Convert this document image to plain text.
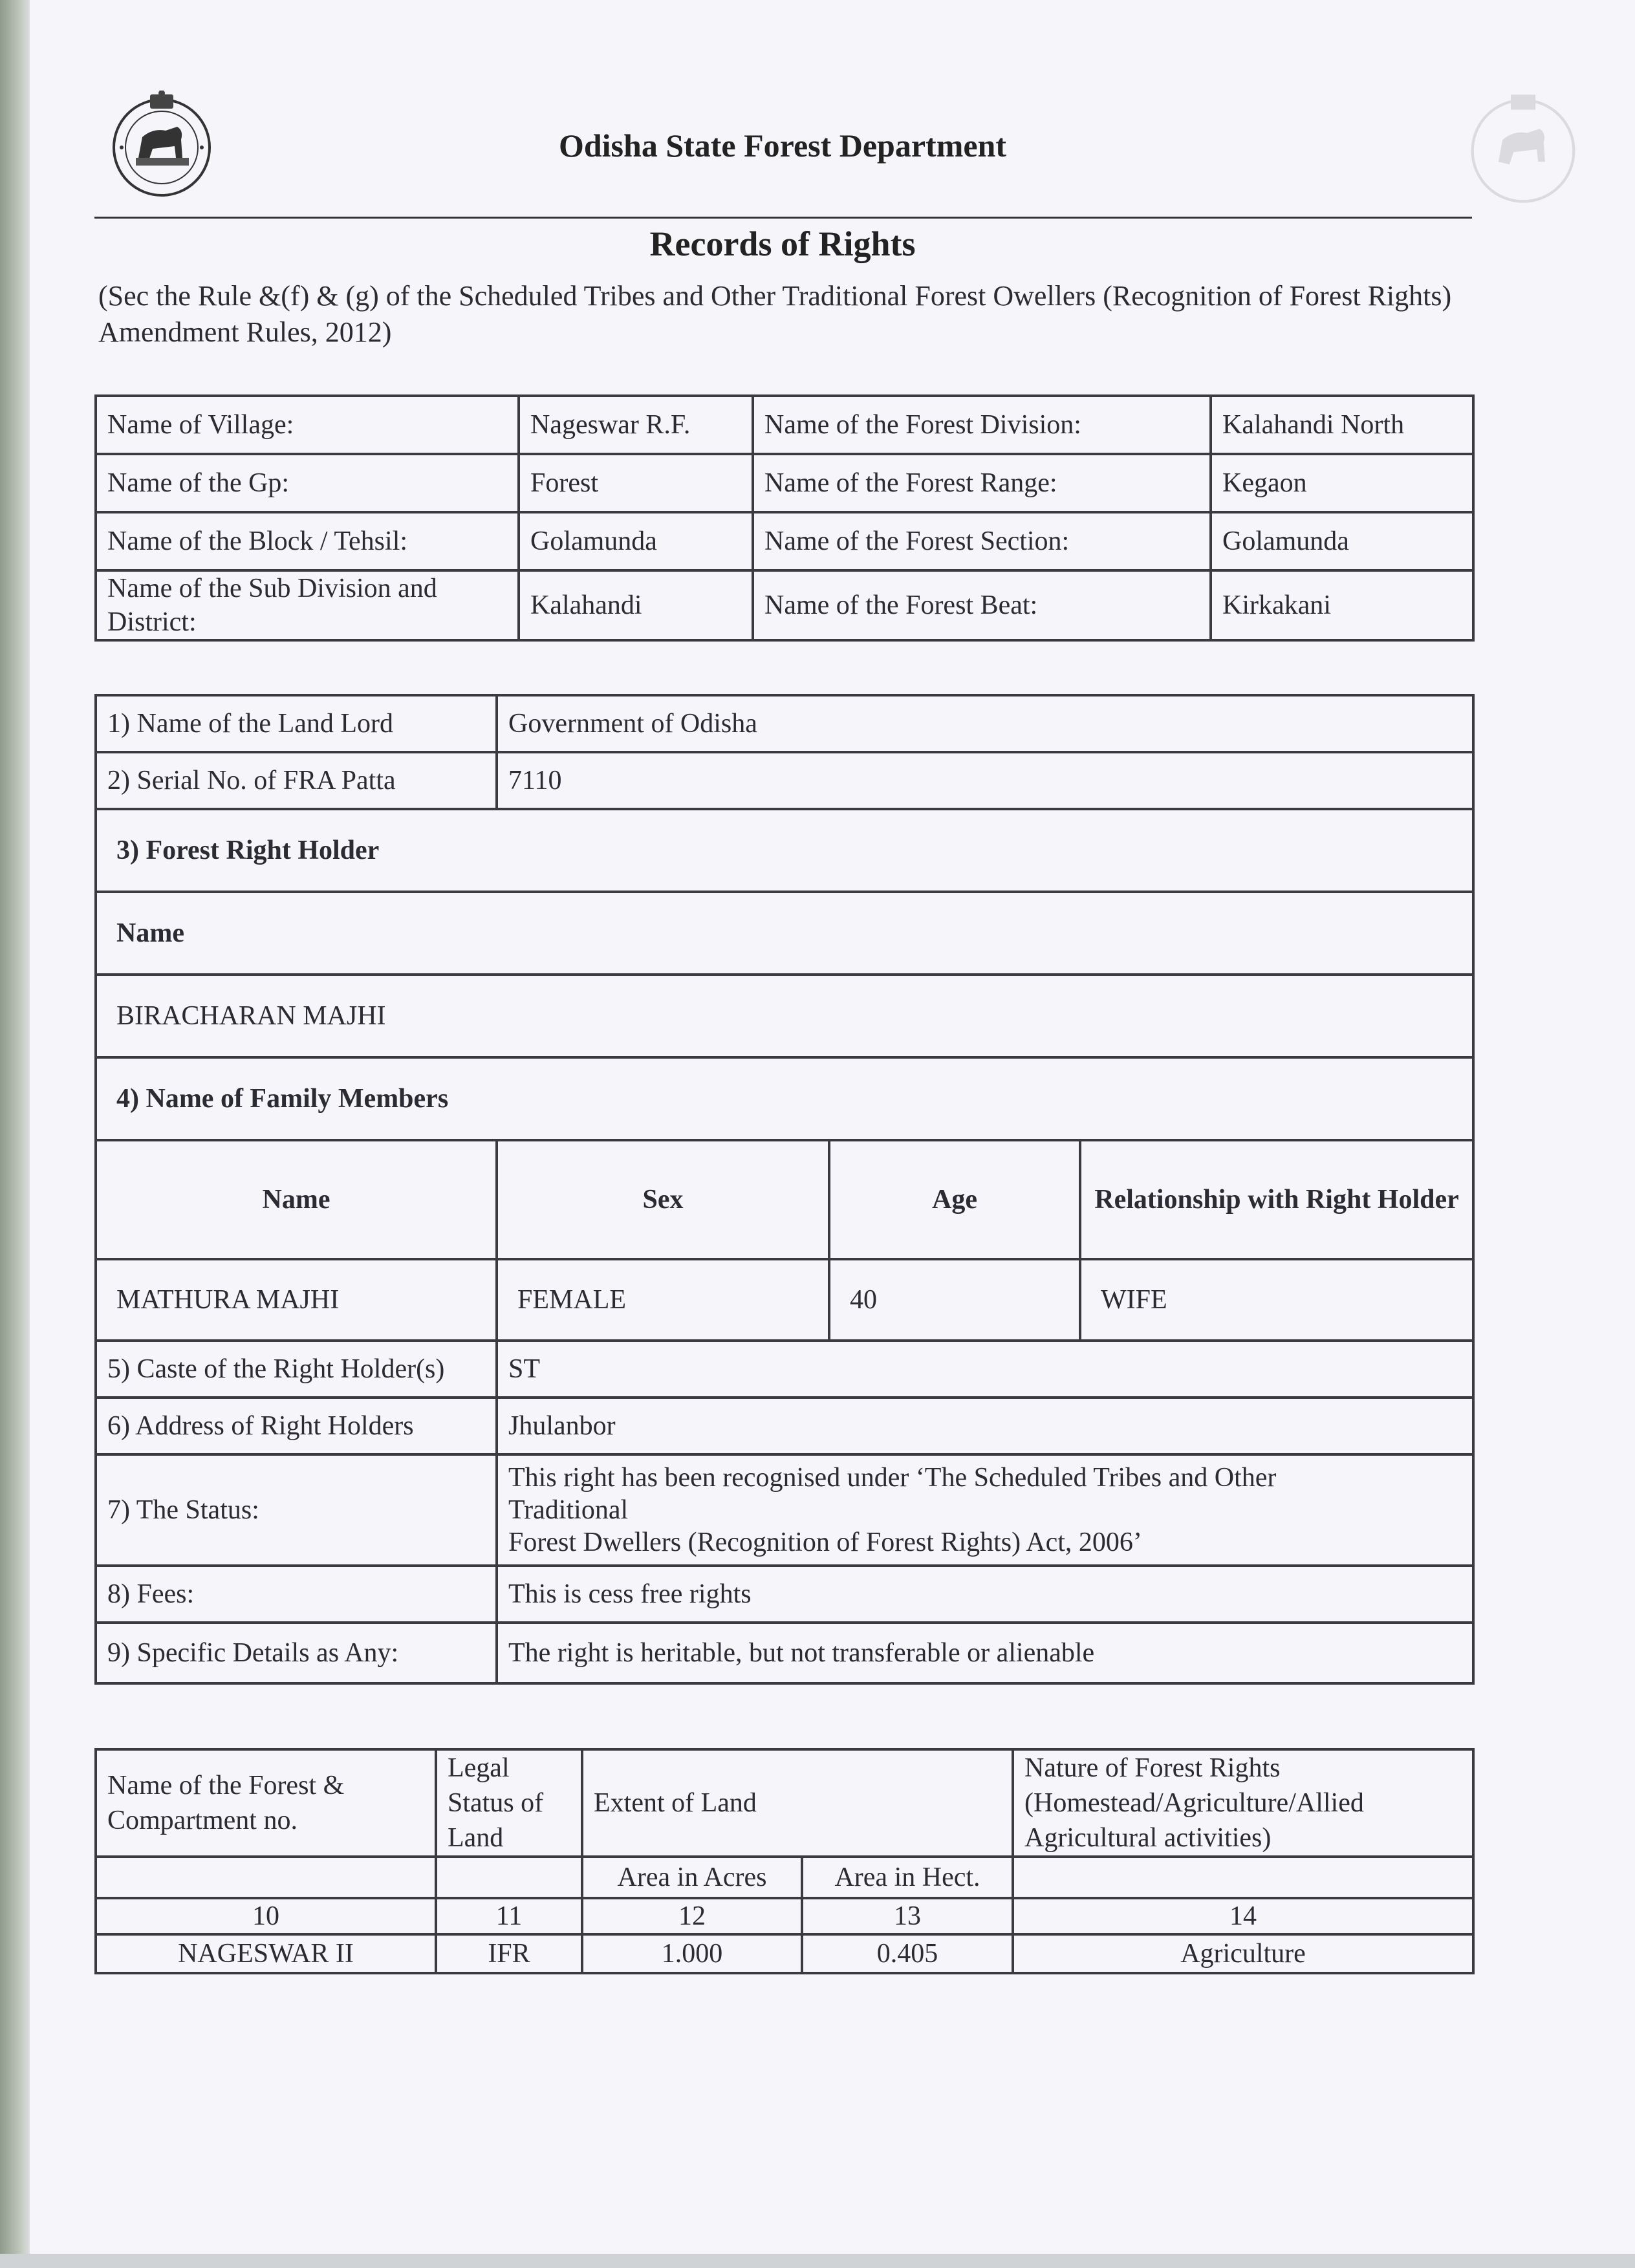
Odisha State Forest Department
Records of Rights
(Sec the Rule &(f) & (g) of the Scheduled Tribes and Other Traditional Forest Owellers (Recognition of Forest Rights) Amendment Rules, 2012)
Name of Village:	Nageswar R.F.	Name of the Forest Division:	Kalahandi North
Name of the Gp:	Forest	Name of the Forest Range:	Kegaon
Name of the Block / Tehsil:	Golamunda	Name of the Forest Section:	Golamunda
Name of the Sub Division and District:	Kalahandi	Name of the Forest Beat:	Kirkakani
1) Name of the Land Lord	Government of Odisha		
2) Serial No. of FRA Patta	7110		
3) Forest Right Holder			
Name			
BIRACHARAN MAJHI			
4) Name of Family Members			
Name	Sex	Age	Relationship with Right Holder
MATHURA MAJHI	FEMALE	40	WIFE
5) Caste of the Right Holder(s)	ST		
6) Address of Right Holders	Jhulanbor		
7) The Status:	This right has been recognised under ‘The Scheduled Tribes and Other
Traditional
Forest Dwellers (Recognition of Forest Rights) Act, 2006’		

8) Fees:	This is cess free rights		
9) Specific Details as Any:	The right is heritable, but not transferable or alienable		
Name of the Forest & Compartment no.	Legal Status of Land	Extent of Land		Nature of Forest Rights (Homestead/Agriculture/Allied Agricultural activities)
		Area in Acres	Area in Hect.	
10	11	12	13	14
NAGESWAR II	IFR	1.000	0.405	Agriculture
